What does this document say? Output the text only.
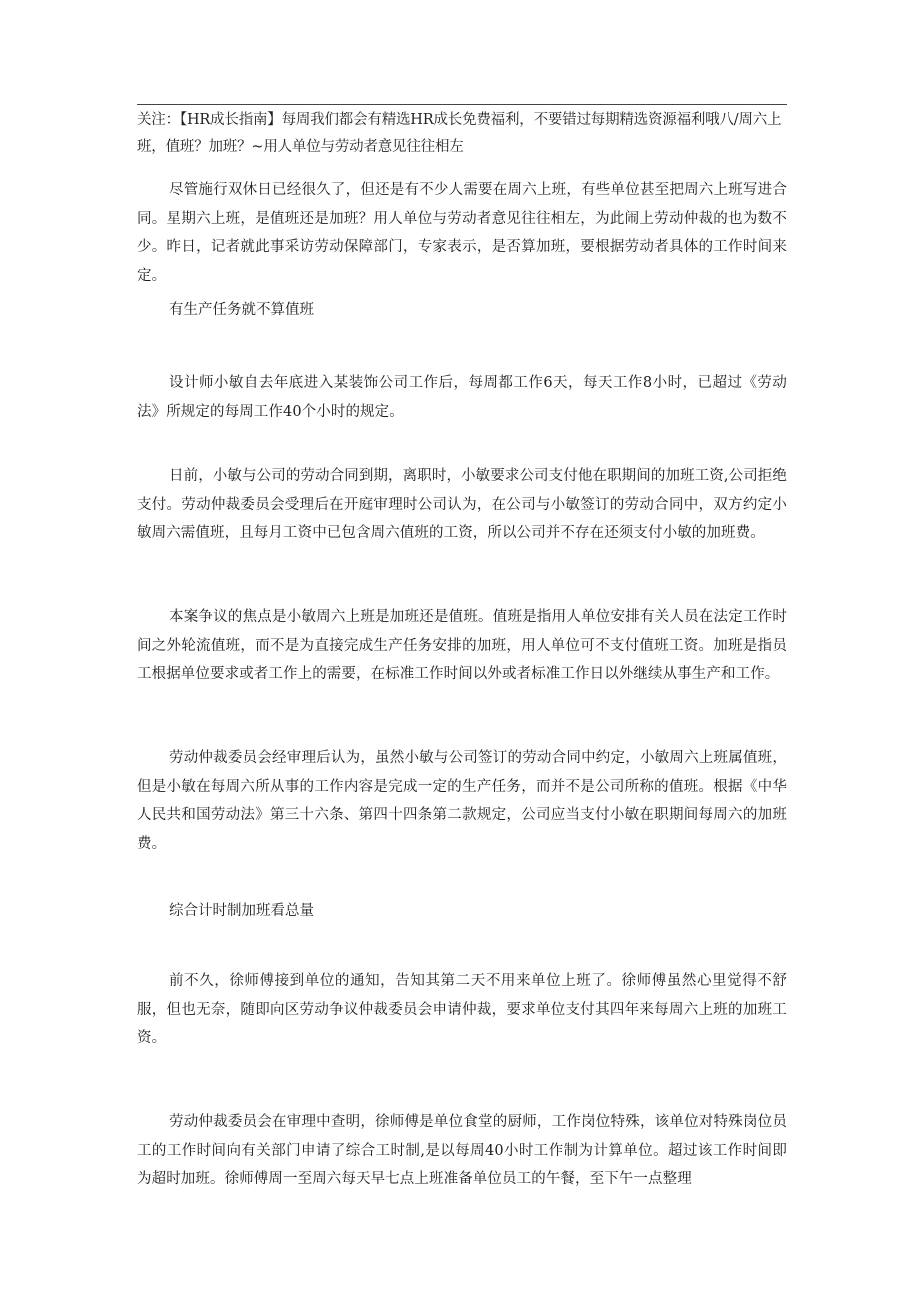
关注：【HR成长指南】每周我们都会有精选HR成长免费福利，不要错过每期精选资源福利哦八/周六上班，值班？加班？~用人单位与劳动者意见往往相左

尽管施行双休日已经很久了，但还是有不少人需要在周六上班，有些单位甚至把周六上班写进合同。星期六上班，是值班还是加班？用人单位与劳动者意见往往相左，为此闹上劳动仲裁的也为数不少。昨日，记者就此事采访劳动保障部门，专家表示，是否算加班，要根据劳动者具体的工作时间来定。

有生产任务就不算值班

设计师小敏自去年底进入某装饰公司工作后，每周都工作6天，每天工作8小时，已超过《劳动法》所规定的每周工作40个小时的规定。

日前，小敏与公司的劳动合同到期，离职时，小敏要求公司支付他在职期间的加班工资,公司拒绝支付。劳动仲裁委员会受理后在开庭审理时公司认为，在公司与小敏签订的劳动合同中，双方约定小敏周六需值班，且每月工资中已包含周六值班的工资，所以公司并不存在还须支付小敏的加班费。

本案争议的焦点是小敏周六上班是加班还是值班。值班是指用人单位安排有关人员在法定工作时间之外轮流值班，而不是为直接完成生产任务安排的加班，用人单位可不支付值班工资。加班是指员工根据单位要求或者工作上的需要，在标准工作时间以外或者标准工作日以外继续从事生产和工作。

劳动仲裁委员会经审理后认为，虽然小敏与公司签订的劳动合同中约定，小敏周六上班属值班，但是小敏在每周六所从事的工作内容是完成一定的生产任务，而并不是公司所称的值班。根据《中华人民共和国劳动法》第三十六条、第四十四条第二款规定，公司应当支付小敏在职期间每周六的加班费。

综合计时制加班看总量

前不久，徐师傅接到单位的通知，告知其第二天不用来单位上班了。徐师傅虽然心里觉得不舒服，但也无奈，随即向区劳动争议仲裁委员会申请仲裁，要求单位支付其四年来每周六上班的加班工资。

劳动仲裁委员会在审理中查明，徐师傅是单位食堂的厨师，工作岗位特殊，该单位对特殊岗位员工的工作时间向有关部门申请了综合工时制,是以每周40小时工作制为计算单位。超过该工作时间即为超时加班。徐师傅周一至周六每天早七点上班准备单位员工的午餐，至下午一点整理
